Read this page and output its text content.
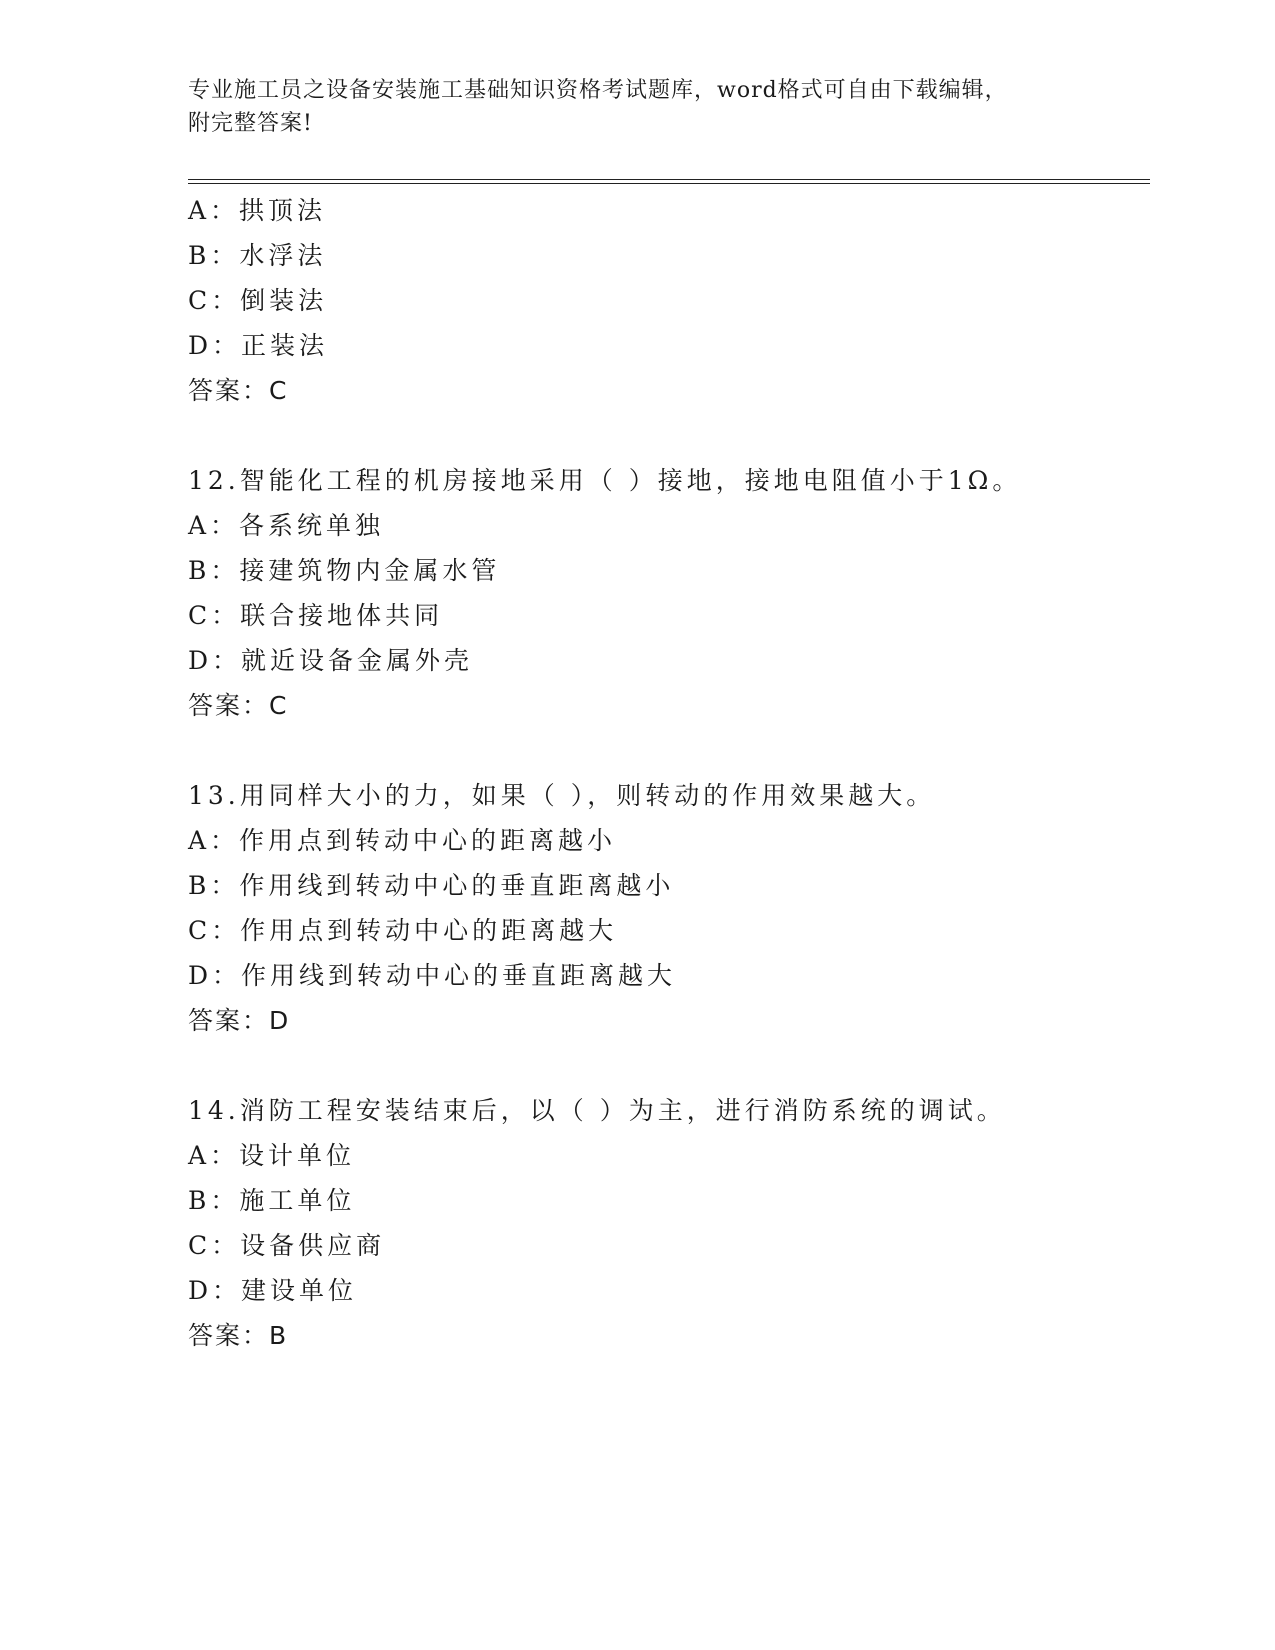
专业施工员之设备安装施工基础知识资格考试题库，word格式可自由下载编辑，
附完整答案!
A：拱顶法
B：水浮法
C：倒装法
D：正装法
答案：C
12.智能化工程的机房接地采用（ ）接地，接地电阻值小于1Ω。
A：各系统单独
B：接建筑物内金属水管
C：联合接地体共同
D：就近设备金属外壳
答案：C
13.用同样大小的力，如果（ ），则转动的作用效果越大。
A：作用点到转动中心的距离越小
B：作用线到转动中心的垂直距离越小
C：作用点到转动中心的距离越大
D：作用线到转动中心的垂直距离越大
答案：D
14.消防工程安装结束后，以（ ）为主，进行消防系统的调试。
A：设计单位
B：施工单位
C：设备供应商
D：建设单位
答案：B
